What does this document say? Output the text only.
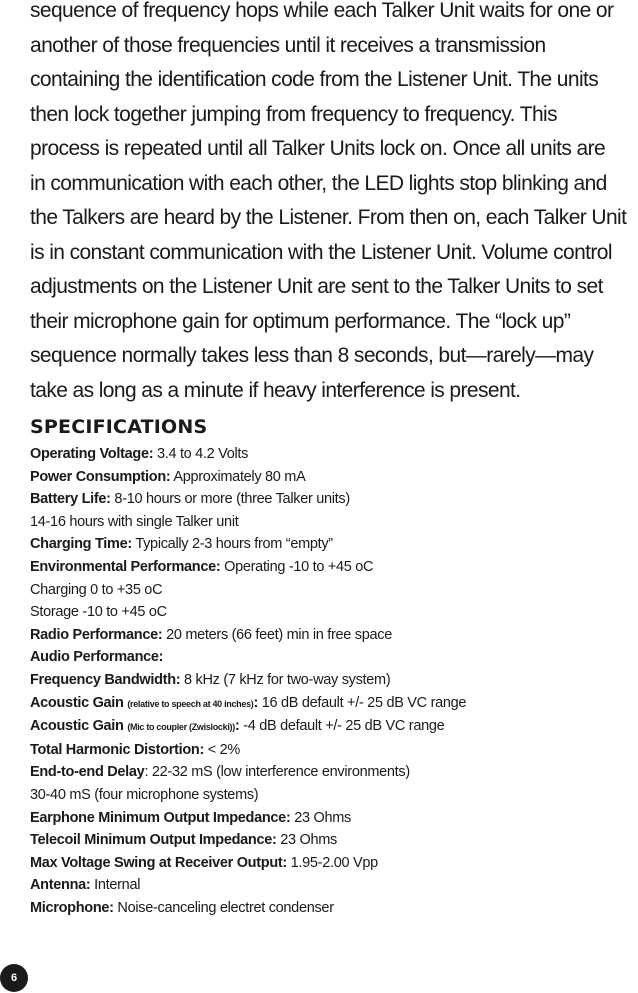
sequence of frequency hops while each Talker Unit waits for one or
another of those frequencies until it receives a transmission
containing the identification code from the Listener Unit. The units
then lock together jumping from frequency to frequency. This
process is repeated until all Talker Units lock on. Once all units are
in communication with each other, the LED lights stop blinking and
the Talkers are heard by the Listener. From then on, each Talker Unit
is in constant communication with the Listener Unit. Volume control
adjustments on the Listener Unit are sent to the Talker Units to set
their microphone gain for optimum performance. The “lock up”
sequence normally takes less than 8 seconds, but—rarely—may
take as long as a minute if heavy interference is present.
SPECIFICATIONS
Operating Voltage: 3.4 to 4.2 Volts
Power Consumption: Approximately 80 mA
Battery Life: 8-10 hours or more (three Talker units)
14-16 hours with single Talker unit
Charging Time: Typically 2-3 hours from “empty”
Environmental Performance: Operating -10 to +45 oC
Charging 0 to +35 oC
Storage -10 to +45 oC
Radio Performance: 20 meters (66 feet) min in free space
Audio Performance:
Frequency Bandwidth: 8 kHz (7 kHz for two-way system)
Acoustic Gain (relative to speech at 40 inches): 16 dB default +/- 25 dB VC range
Acoustic Gain (Mic to coupler (Zwislocki)): -4 dB default +/- 25 dB VC range
Total Harmonic Distortion: < 2%
End-to-end Delay: 22-32 mS (low interference environments)
30-40 mS (four microphone systems)
Earphone Minimum Output Impedance: 23 Ohms
Telecoil Minimum Output Impedance: 23 Ohms
Max Voltage Swing at Receiver Output: 1.95-2.00 Vpp
Antenna: Internal
Microphone: Noise-canceling electret condenser
6
